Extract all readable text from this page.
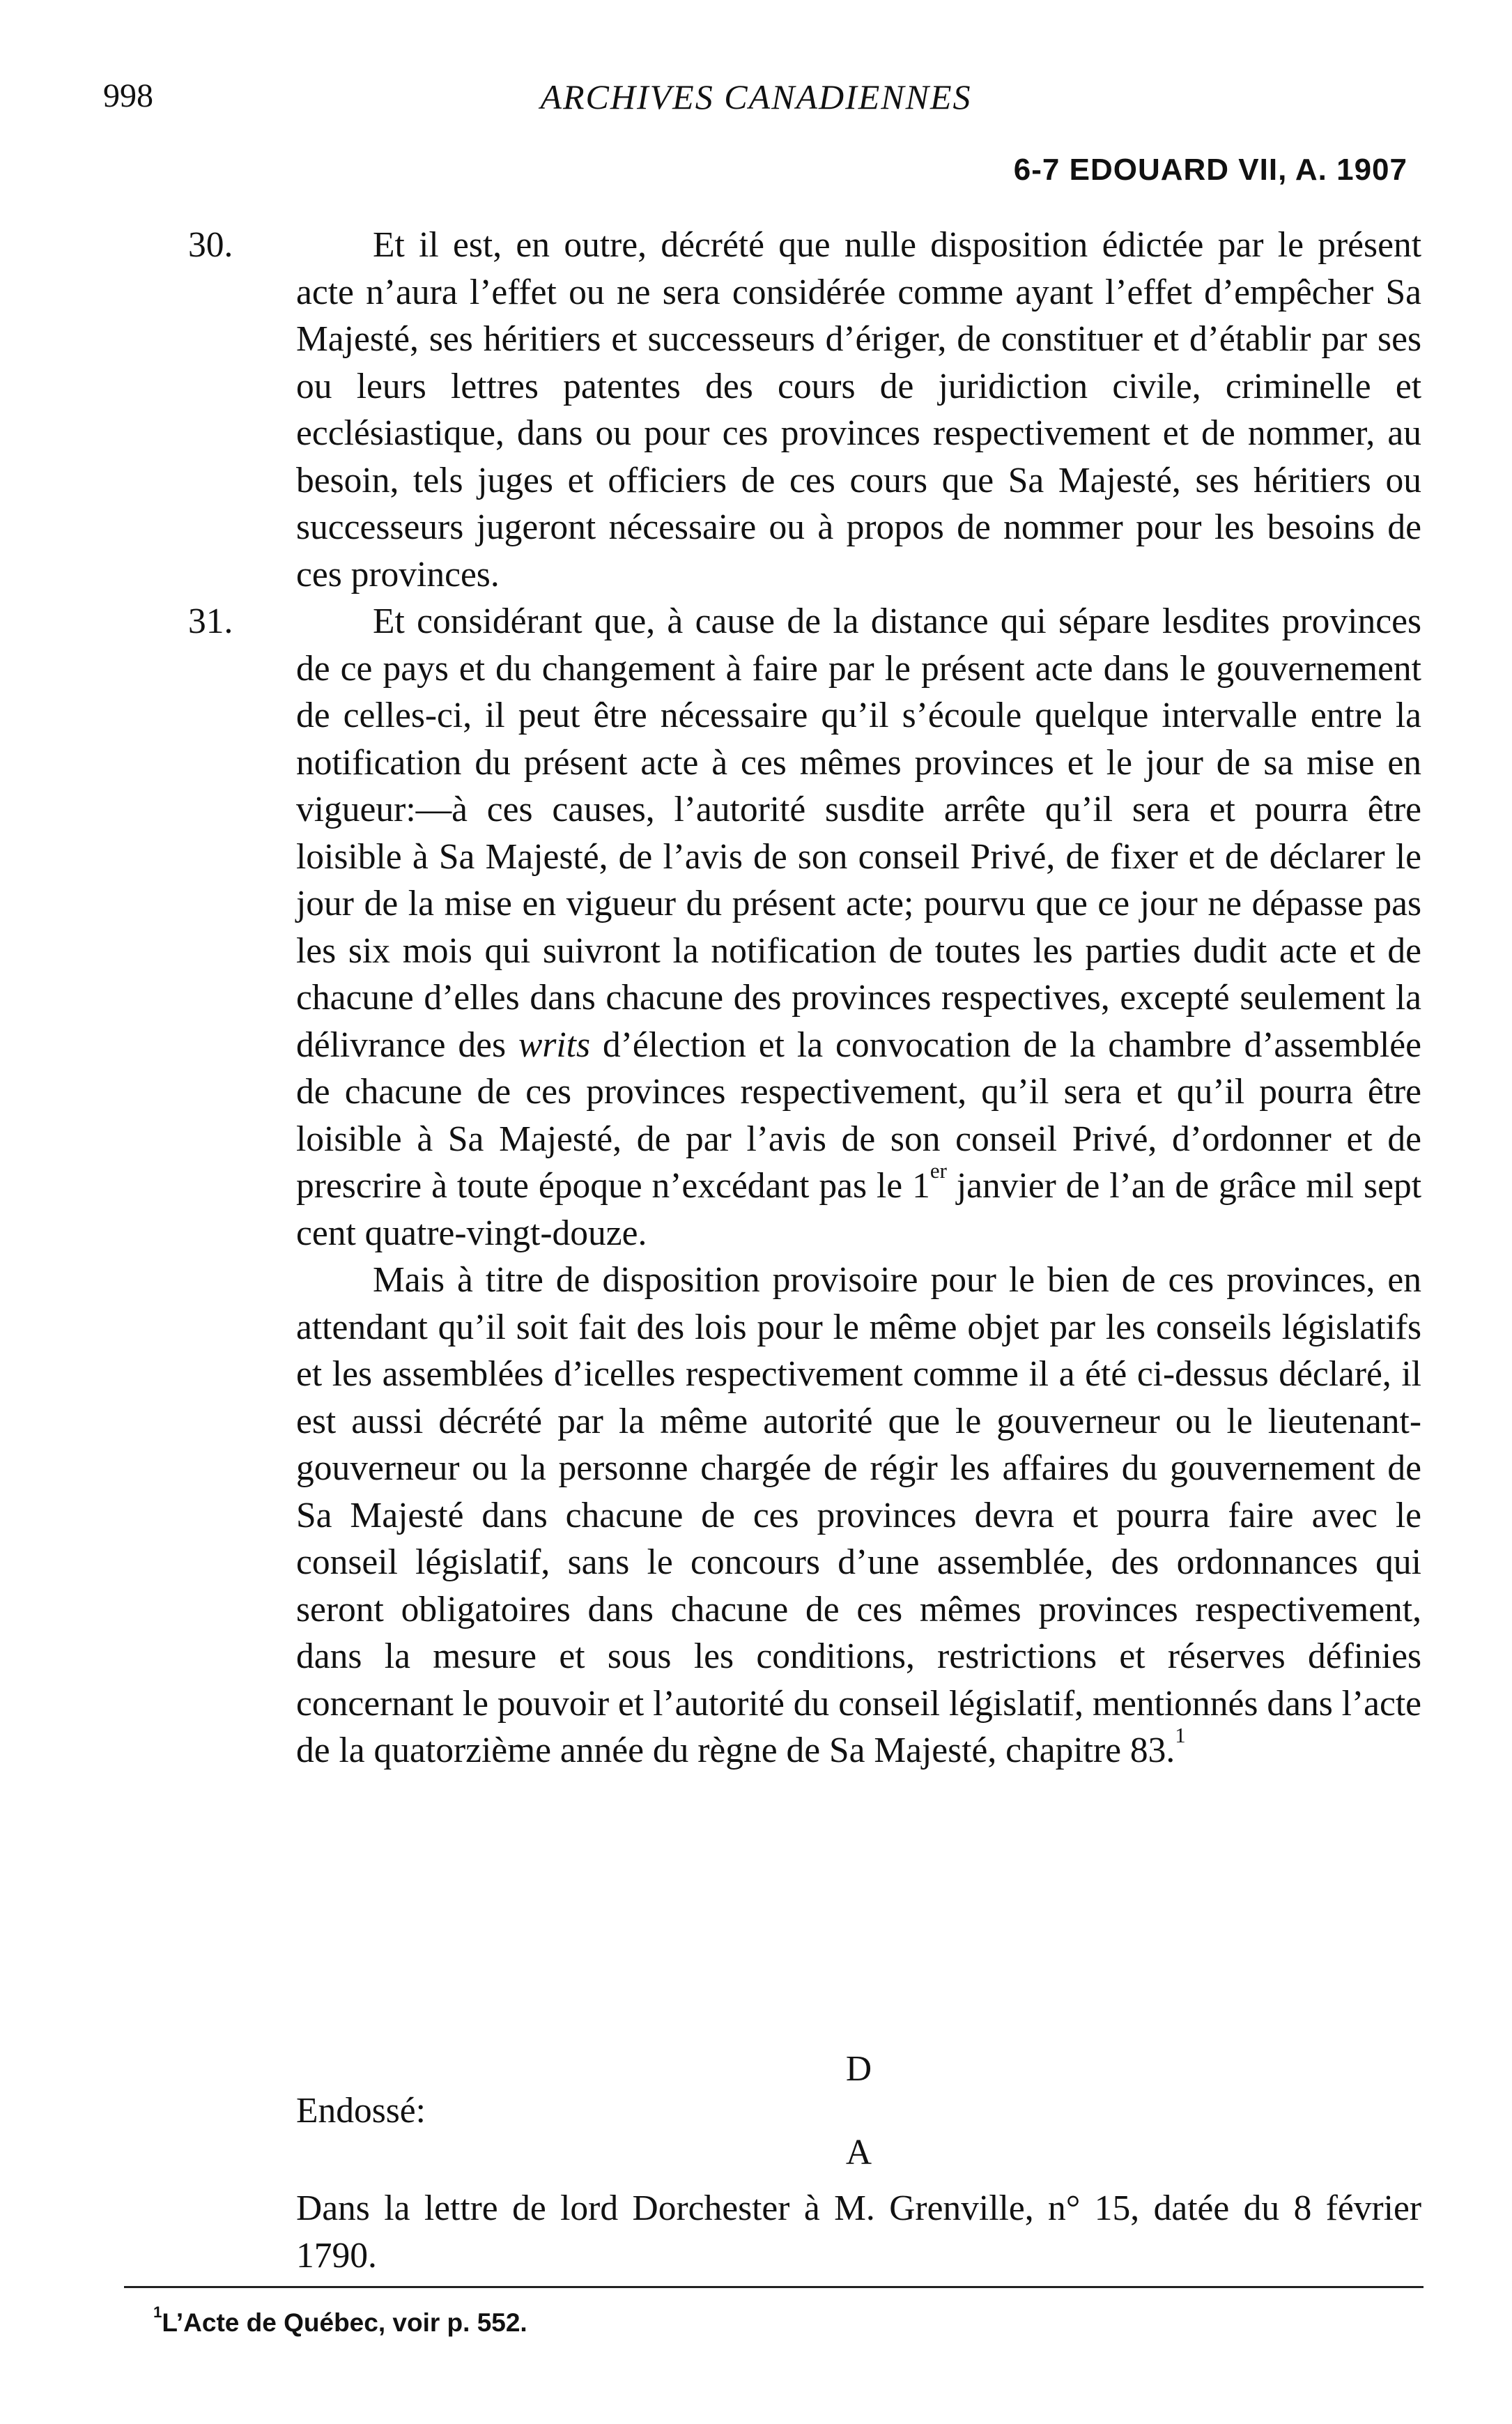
998	ARCHIVES CANADIENNES
6-7 EDOUARD VII, A. 1907

30.	Et il est, en outre, décrété que nulle disposition édictée par le présent acte n’aura l’effet ou ne sera considérée comme ayant l’effet d’empêcher Sa Majesté, ses héritiers et successeurs d’ériger, de constituer et d’établir par ses ou leurs lettres patentes des cours de juridiction civile, criminelle et ecclésiastique, dans ou pour ces provinces respectivement et de nommer, au besoin, tels juges et officiers de ces cours que Sa Majesté, ses héritiers ou successeurs jugeront nécessaire ou à propos de nommer pour les besoins de ces provinces.

31.	Et considérant que, à cause de la distance qui sépare lesdites provinces de ce pays et du changement à faire par le présent acte dans le gouvernement de celles-ci, il peut être nécessaire qu’il s’écoule quelque intervalle entre la notification du présent acte à ces mêmes provinces et le jour de sa mise en vigueur:—à ces causes, l’autorité susdite arrête qu’il sera et pourra être loisible à Sa Majesté, de l’avis de son conseil Privé, de fixer et de déclarer le jour de la mise en vigueur du présent acte; pourvu que ce jour ne dépasse pas les six mois qui suivront la notification de toutes les parties dudit acte et de chacune d’elles dans chacune des provinces respectives, excepté seulement la délivrance des writs d’élection et la convocation de la chambre d’assemblée de chacune de ces provinces respectivement, qu’il sera et qu’il pourra être loisible à Sa Majesté, de par l’avis de son conseil Privé, d’ordonner et de prescrire à toute époque n’excédant pas le 1er janvier de l’an de grâce mil sept cent quatre-vingt-douze.

Mais à titre de disposition provisoire pour le bien de ces provinces, en attendant qu’il soit fait des lois pour le même objet par les conseils législatifs et les assemblées d’icelles respectivement comme il a été ci-dessus déclaré, il est aussi décrété par la même autorité que le gouverneur ou le lieutenant-gouverneur ou la personne chargée de régir les affaires du gouvernement de Sa Majesté dans chacune de ces provinces devra et pourra faire avec le conseil législatif, sans le concours d’une assemblée, des ordonnances qui seront obligatoires dans chacune de ces mêmes provinces respectivement, dans la mesure et sous les conditions, restrictions et réserves définies concernant le pouvoir et l’autorité du conseil législatif, mentionnés dans l’acte de la quatorzième année du règne de Sa Majesté, chapitre 83.$^1$

D
Endossé:
A
Dans la lettre de lord Dorchester à M. Grenville, n° 15, datée du 8 février 1790.
$^1$L’Acte de Québec, voir p. 552.
